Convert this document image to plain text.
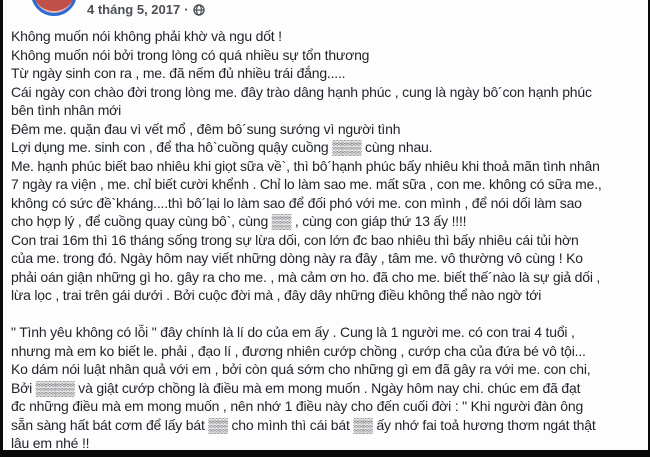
4 tháng 5, 2017 ·
Không muốn nói không phải khờ và ngu dốt !
Không muốn nói bởi trong lòng có quá nhiều sự tổn thương
Từ ngày sinh con ra , me. đã nếm đủ nhiều trái đắng.....
Cái ngày con chào đời trong lòng me. đây trào dâng hạnh phúc , cung là ngày bô´con hạnh phúc
bên tình nhân mới
Đêm me. quặn đau vì vết mổ , đêm bô´sung sướng vì người tình
Lợi dụng me. sinh con , để tha hô`cuồng quậy cuồng ▒▒▒ cùng nhau.
Me. hạnh phúc biết bao nhiêu khi giọt sữa về`, thì bô´hạnh phúc bấy nhiêu khi thoả mãn tình nhân
7 ngày ra viện , me. chỉ biết cười khểnh . Chỉ lo làm sao me. mất sữa , con me. không có sữa me.,
không có sức đề`kháng....thì bô´lại lo làm sao để đối phó với me. con mình , để nói dối làm sao
cho hợp lý , để cuồng quay cùng bô`, cùng ▒▒ , cùng con giáp thứ 13 ấy !!!!
Con trai 16m thì 16 tháng sống trong sự lừa dối, con lớn đc bao nhiêu thì bấy nhiêu cái tủi hờn
của me. trong đó. Ngày hôm nay viết những dòng này ra đây , tâm me. vô thường vô cùng ! Ko
phải oán giận những gì ho. gây ra cho me. , mà cảm ơn ho. đã cho me. biết thế´nào là sự giả dối ,
lừa lọc , trai trên gái dưới . Bởi cuộc đời mà , đây dây những điều không thể nào ngờ tới
" Tình yêu không có lỗi " đây chính là lí do của em ấy . Cung là 1 người me. có con trai 4 tuổi ,
nhưng mà em ko biết le. phải , đạo lí , đương nhiên cướp chồng , cướp cha của đứa bé vô tội...
Ko dám nói luật nhân quả với em , bởi còn quá sớm cho những gì em đã gây ra với me. con chi,
Bởi ▒▒▒▒ và giật cướp chồng là điều mà em mong muốn . Ngày hôm nay chi. chúc em đã đạt
đc những điều mà em mong muốn , nên nhớ 1 điều này cho đến cuối đời : " Khi người đàn ông
sẵn sàng hất bát cơm để lấy bát ▒▒ cho mình thì cái bát ▒▒ ấy nhớ fai toả hương thơm ngát thật
lâu em nhé !!
